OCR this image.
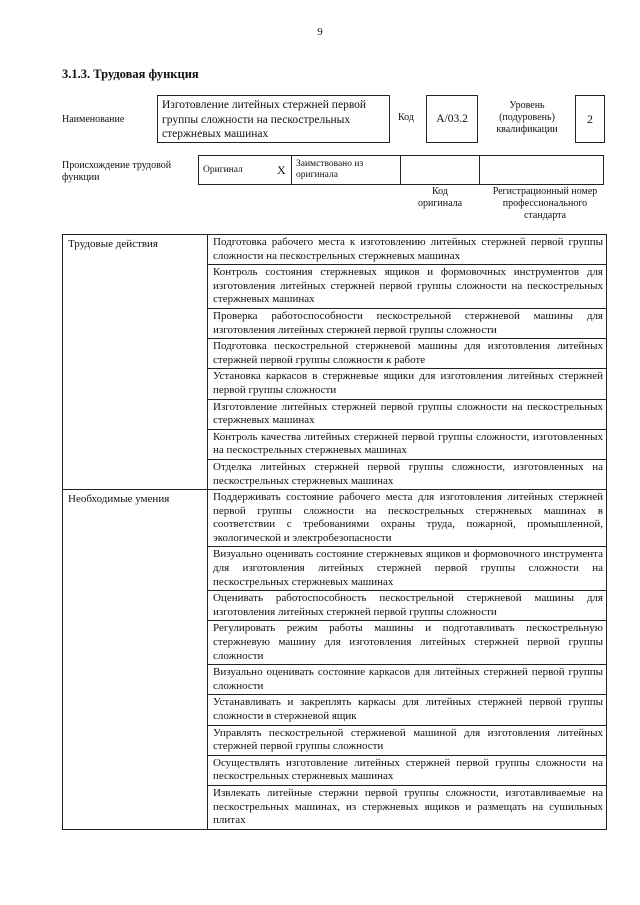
9
3.1.3. Трудовая функция
Наименование
Изготовление литейных стержней первой группы сложности на пескострельных стержневых машинах
Код	А/03.2
Уровень (подуровень) квалификации
2
Происхождение трудовой функции
Оригинал	X	Заимствовано из оригинала		
Код оригинала
Регистрационный номер профессионального стандарта
Трудовые действия	Подготовка рабочего места к изготовлению литейных стержней первой группы сложности на пескострельных стержневых машинах
	Контроль состояния стержневых ящиков и формовочных инструментов для изготовления литейных стержней первой группы сложности на пескострельных стержневых машинах
	Проверка работоспособности пескострельной стержневой машины для изготовления литейных стержней первой группы сложности
	Подготовка пескострельной стержневой машины для изготовления литейных стержней первой группы сложности к работе
	Установка каркасов в стержневые ящики для изготовления литейных стержней первой группы сложности
	Изготовление литейных стержней первой группы сложности на пескострельных стержневых машинах
	Контроль качества литейных стержней первой группы сложности, изготовленных на пескострельных стержневых машинах
	Отделка литейных стержней первой группы сложности, изготовленных на пескострельных стержневых машинах
Необходимые умения	Поддерживать состояние рабочего места для изготовления литейных стержней первой группы сложности на пескострельных стержневых машинах в соответствии с требованиями охраны труда, пожарной, промышленной, экологической и электробезопасности
	Визуально оценивать состояние стержневых ящиков и формовочного инструмента для изготовления литейных стержней первой группы сложности на пескострельных стержневых машинах
	Оценивать работоспособность пескострельной стержневой машины для изготовления литейных стержней первой группы сложности
	Регулировать режим работы машины и подготавливать пескострельную стержневую машину для изготовления литейных стержней первой группы сложности
	Визуально оценивать состояние каркасов для литейных стержней первой группы сложности
	Устанавливать и закреплять каркасы для литейных стержней первой группы сложности в стержневой ящик
	Управлять пескострельной стержневой машиной для изготовления литейных стержней первой группы сложности
	Осуществлять изготовление литейных стержней первой группы сложности на пескострельных стержневых машинах
	Извлекать литейные стержни первой группы сложности, изготавливаемые на пескострельных машинах, из стержневых ящиков и размещать на сушильных плитах
